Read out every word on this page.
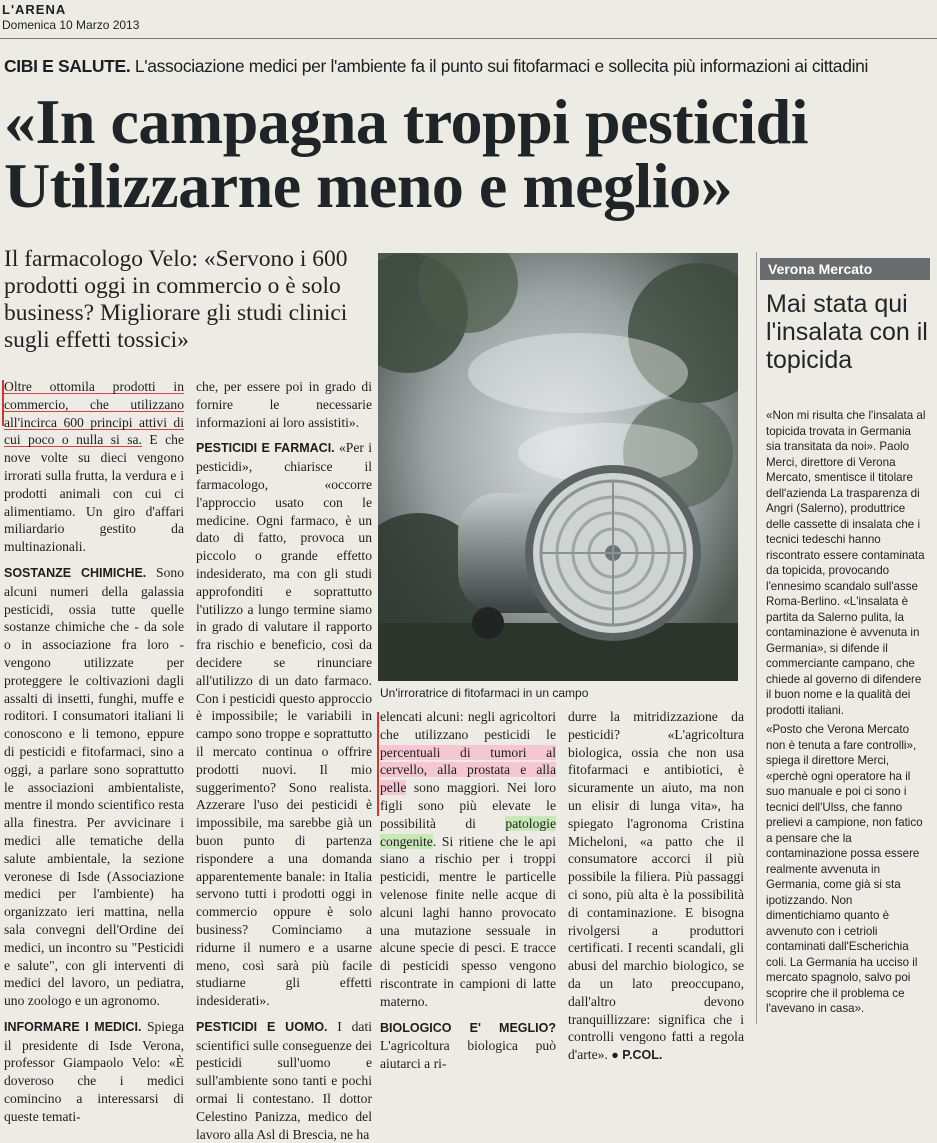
L'ARENA
Domenica 10 Marzo 2013
CIBI E SALUTE. L'associazione medici per l'ambiente fa il punto sui fitofarmaci e sollecita più informazioni ai cittadini
«In campagna troppi pesticidi
Utilizzarne meno e meglio»
Il farmacologo Velo: «Servono i 600 prodotti oggi in commercio o è solo business? Migliorare gli studi clinici sugli effetti tossici»

Oltre ottomila prodotti in commercio, che utilizzano all'incirca 600 principi attivi di cui poco o nulla si sa. E che nove volte su dieci vengono irrorati sulla frutta, la verdura e i prodotti animali con cui ci alimentiamo. Un giro d'affari miliardario gestito da multinazionali.

SOSTANZE CHIMICHE. Sono alcuni numeri della galassia pesticidi, ossia tutte quelle sostanze chimiche che - da sole o in associazione fra loro - vengono utilizzate per proteggere le coltivazioni dagli assalti di insetti, funghi, muffe e roditori. I consumatori italiani li conoscono e li temono, eppure di pesticidi e fitofarmaci, sino a oggi, a parlare sono soprattutto le associazioni ambientaliste, mentre il mondo scientifico resta alla finestra. Per avvicinare i medici alle tematiche della salute ambientale, la sezione veronese di Isde (Associazione medici per l'ambiente) ha organizzato ieri mattina, nella sala convegni dell'Ordine dei medici, un incontro su "Pesticidi e salute", con gli interventi di medici del lavoro, un pediatra, uno zoologo e un agronomo.

INFORMARE I MEDICI. Spiega il presidente di Isde Verona, professor Giampaolo Velo: «È doveroso che i medici comincino a interessarsi di queste temati-

che, per essere poi in grado di fornire le necessarie informazioni ai loro assistiti».

PESTICIDI E FARMACI. «Per i pesticidi», chiarisce il farmacologo, «occorre l'approccio usato con le medicine. Ogni farmaco, è un dato di fatto, provoca un piccolo o grande effetto indesiderato, ma con gli studi approfonditi e soprattutto l'utilizzo a lungo termine siamo in grado di valutare il rapporto fra rischio e beneficio, così da decidere se rinunciare all'utilizzo di un dato farmaco. Con i pesticidi questo approccio è impossibile; le variabili in campo sono troppe e soprattutto il mercato continua o offrire prodotti nuovi. Il mio suggerimento? Sono realista. Azzerare l'uso dei pesticidi è impossibile, ma sarebbe già un buon punto di partenza rispondere a una domanda apparentemente banale: in Italia servono tutti i prodotti oggi in commercio oppure è solo business? Cominciamo a ridurne il numero e a usarne meno, così sarà più facile studiarne gli effetti indesiderati».

PESTICIDI E UOMO. I dati scientifici sulle conseguenze dei pesticidi sull'uomo e sull'ambiente sono tanti e pochi ormai li contestano. Il dottor Celestino Panizza, medico del lavoro alla Asl di Brescia, ne ha

Un'irroratrice di fitofarmaci in un campo

elencati alcuni: negli agricoltori che utilizzano pesticidi le percentuali di tumori al cervello, alla prostata e alla pelle sono maggiori. Nei loro figli sono più elevate le possibilità di patologie congenite. Si ritiene che le api siano a rischio per i troppi pesticidi, mentre le particelle velenose finite nelle acque di alcuni laghi hanno provocato una mutazione sessuale in alcune specie di pesci. E tracce di pesticidi spesso vengono riscontrate in campioni di latte materno.

BIOLOGICO E' MEGLIO? L'agricoltura biologica può aiutarci a ri-

durre la mitridizzazione da pesticidi? «L'agricoltura biologica, ossia che non usa fitofarmaci e antibiotici, è sicuramente un aiuto, ma non un elisir di lunga vita», ha spiegato l'agronoma Cristina Micheloni, «a patto che il consumatore accorci il più possibile la filiera. Più passaggi ci sono, più alta è la possibilità di contaminazione. E bisogna rivolgersi a produttori certificati. I recenti scandali, gli abusi del marchio biologico, se da un lato preoccupano, dall'altro devono tranquillizzare: significa che i controlli vengono fatti a regola d'arte». ● P.COL.

Verona Mercato
Mai stata qui l'insalata con il topicida

«Non mi risulta che l'insalata al topicida trovata in Germania sia transitata da noi». Paolo Merci, direttore di Verona Mercato, smentisce il titolare dell'azienda La trasparenza di Angri (Salerno), produttrice delle cassette di insalata che i tecnici tedeschi hanno riscontrato essere contaminata da topicida, provocando l'ennesimo scandalo sull'asse Roma-Berlino. «L'insalata è partita da Salerno pulita, la contaminazione è avvenuta in Germania», si difende il commerciante campano, che chiede al governo di difendere il buon nome e la qualità dei prodotti italiani.

«Posto che Verona Mercato non è tenuta a fare controlli», spiega il direttore Merci, «perchè ogni operatore ha il suo manuale e poi ci sono i tecnici dell'Ulss, che fanno prelievi a campione, non fatico a pensare che la contaminazione possa essere realmente avvenuta in Germania, come già si sta ipotizzando. Non dimentichiamo quanto è avvenuto con i cetrioli contaminati dall'Escherichia coli. La Germania ha ucciso il mercato spagnolo, salvo poi scoprire che il problema ce l'avevano in casa».
